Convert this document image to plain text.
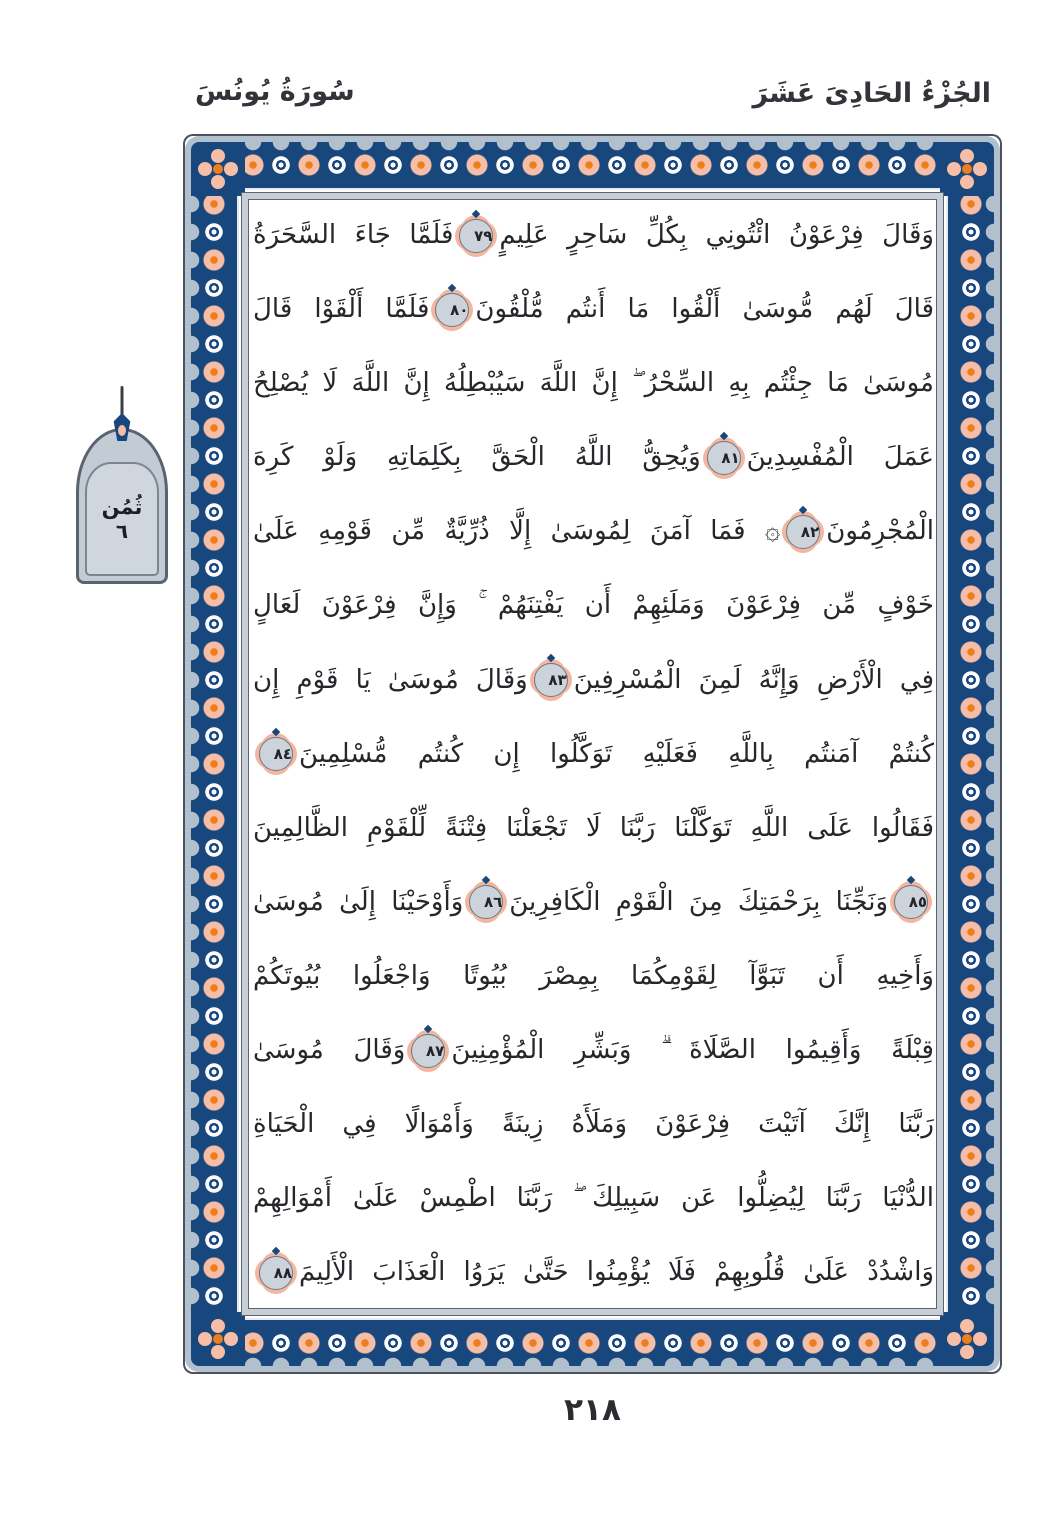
الجُزْءُ الحَادِىَ عَشَرَ
سُورَةُ يُونُسَ
وَقَالَ فِرْعَوْنُ ائْتُونِي بِكُلِّ سَاحِرٍ عَلِيمٍ٧٩فَلَمَّا جَاءَ السَّحَرَةُ
قَالَ لَهُم مُّوسَىٰ أَلْقُوا مَا أَنتُم مُّلْقُونَ٨٠فَلَمَّا أَلْقَوْا قَالَ
مُوسَىٰ مَا جِئْتُم بِهِ السِّحْرُ ۖ إِنَّ اللَّهَ سَيُبْطِلُهُ إِنَّ اللَّهَ لَا يُصْلِحُ
عَمَلَ الْمُفْسِدِينَ٨١وَيُحِقُّ اللَّهُ الْحَقَّ بِكَلِمَاتِهِ وَلَوْ كَرِهَ
الْمُجْرِمُونَ٨٢۞ فَمَا آمَنَ لِمُوسَىٰ إِلَّا ذُرِّيَّةٌ مِّن قَوْمِهِ عَلَىٰ
خَوْفٍ مِّن فِرْعَوْنَ وَمَلَئِهِمْ أَن يَفْتِنَهُمْ ۚ وَإِنَّ فِرْعَوْنَ لَعَالٍ
فِي الْأَرْضِ وَإِنَّهُ لَمِنَ الْمُسْرِفِينَ٨٣وَقَالَ مُوسَىٰ يَا قَوْمِ إِن
كُنتُمْ آمَنتُم بِاللَّهِ فَعَلَيْهِ تَوَكَّلُوا إِن كُنتُم مُّسْلِمِينَ٨٤
فَقَالُوا عَلَى اللَّهِ تَوَكَّلْنَا رَبَّنَا لَا تَجْعَلْنَا فِتْنَةً لِّلْقَوْمِ الظَّالِمِينَ
٨٥وَنَجِّنَا بِرَحْمَتِكَ مِنَ الْقَوْمِ الْكَافِرِينَ٨٦وَأَوْحَيْنَا إِلَىٰ مُوسَىٰ
وَأَخِيهِ أَن تَبَوَّآ لِقَوْمِكُمَا بِمِصْرَ بُيُوتًا وَاجْعَلُوا بُيُوتَكُمْ
قِبْلَةً وَأَقِيمُوا الصَّلَاةَ ۗ وَبَشِّرِ الْمُؤْمِنِينَ٨٧وَقَالَ مُوسَىٰ
رَبَّنَا إِنَّكَ آتَيْتَ فِرْعَوْنَ وَمَلَأَهُ زِينَةً وَأَمْوَالًا فِي الْحَيَاةِ
الدُّنْيَا رَبَّنَا لِيُضِلُّوا عَن سَبِيلِكَ ۖ رَبَّنَا اطْمِسْ عَلَىٰ أَمْوَالِهِمْ
وَاشْدُدْ عَلَىٰ قُلُوبِهِمْ فَلَا يُؤْمِنُوا حَتَّىٰ يَرَوُا الْعَذَابَ الْأَلِيمَ٨٨
ثُمُن
٦
٢١٨
